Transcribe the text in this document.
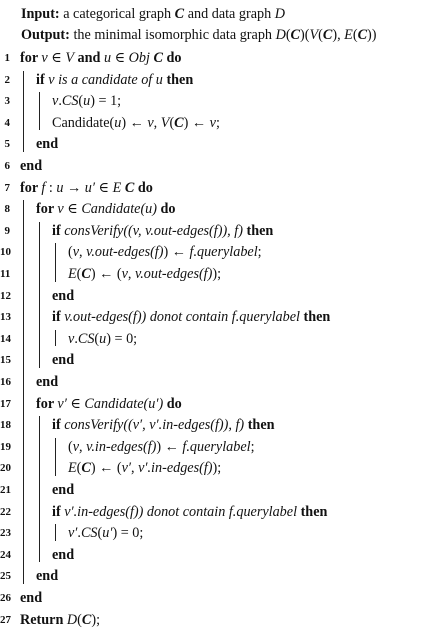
Input: a categorical graph C and data graph D
Output: the minimal isomorphic data graph D(C)(V(C), E(C))
1 for v ∈ V and u ∈ Obj C do
2 if v is a candidate of u then
3	v.CS(u) = 1;
4	Candidate(u) ← v, V(C) ← v;
5 end
6 end
7 for f : u → u′ ∈ E C do
8 for v ∈ Candidate(u) do
9	if consVerify((v, v.out-edges(f)), f) then
10	(v, v.out-edges(f)) ← f.querylabel;
11	E(C) ← (v, v.out-edges(f));
12	end
13	if v.out-edges(f)) donot contain f.querylabel then
14	v.CS(u) = 0;
15	end
16 end
17 for v′ ∈ Candidate(u′) do
18	if consVerify((v′, v′.in-edges(f)), f) then
19	(v, v.in-edges(f)) ← f.querylabel;
20	E(C) ← (v′, v′.in-edges(f));
21	end
22	if v′.in-edges(f)) donot contain f.querylabel then
23	v′.CS(u′) = 0;
24	end
25 end
26 end
27 Return D(C);
